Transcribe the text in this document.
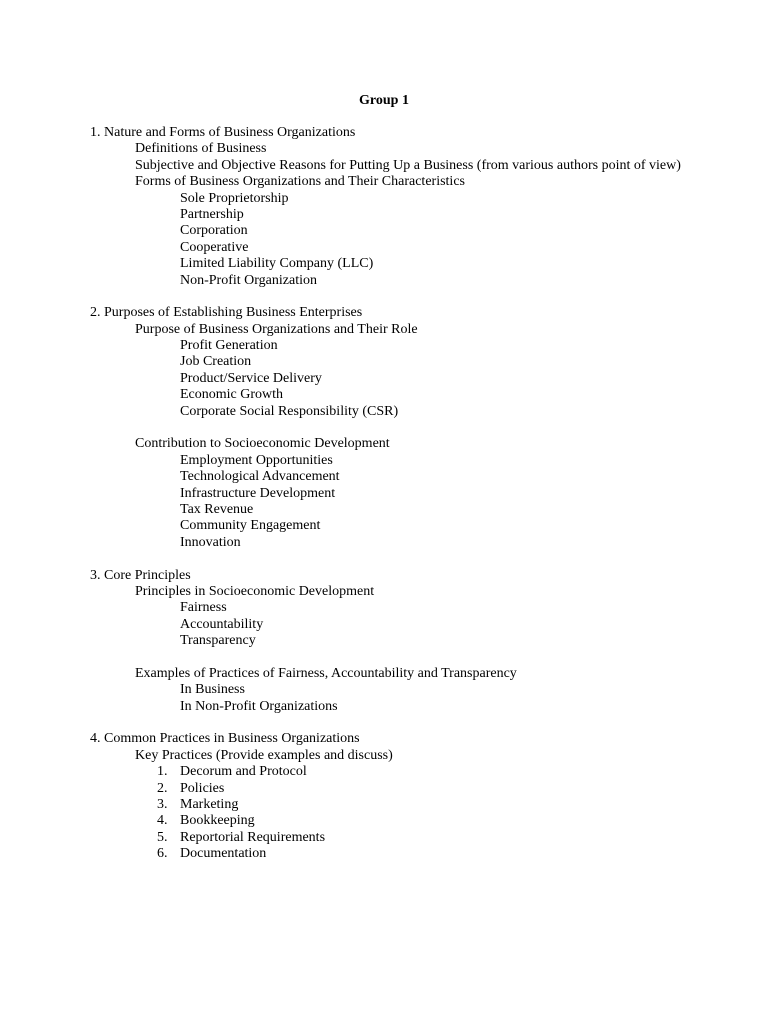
Group 1
1. Nature and Forms of Business Organizations
Definitions of Business
Subjective and Objective Reasons for Putting Up a Business (from various authors point of view)
Forms of Business Organizations and Their Characteristics
Sole Proprietorship
Partnership
Corporation
Cooperative
Limited Liability Company (LLC)
Non-Profit Organization
2. Purposes of Establishing Business Enterprises
Purpose of Business Organizations and Their Role
Profit Generation
Job Creation
Product/Service Delivery
Economic Growth
Corporate Social Responsibility (CSR)
Contribution to Socioeconomic Development
Employment Opportunities
Technological Advancement
Infrastructure Development
Tax Revenue
Community Engagement
Innovation
3. Core Principles
Principles in Socioeconomic Development
Fairness
Accountability
Transparency
Examples of Practices of Fairness, Accountability and Transparency
In Business
In Non-Profit Organizations
4. Common Practices in Business Organizations
Key Practices (Provide examples and discuss)
1. Decorum and Protocol
2. Policies
3. Marketing
4. Bookkeeping
5. Reportorial Requirements
6. Documentation
